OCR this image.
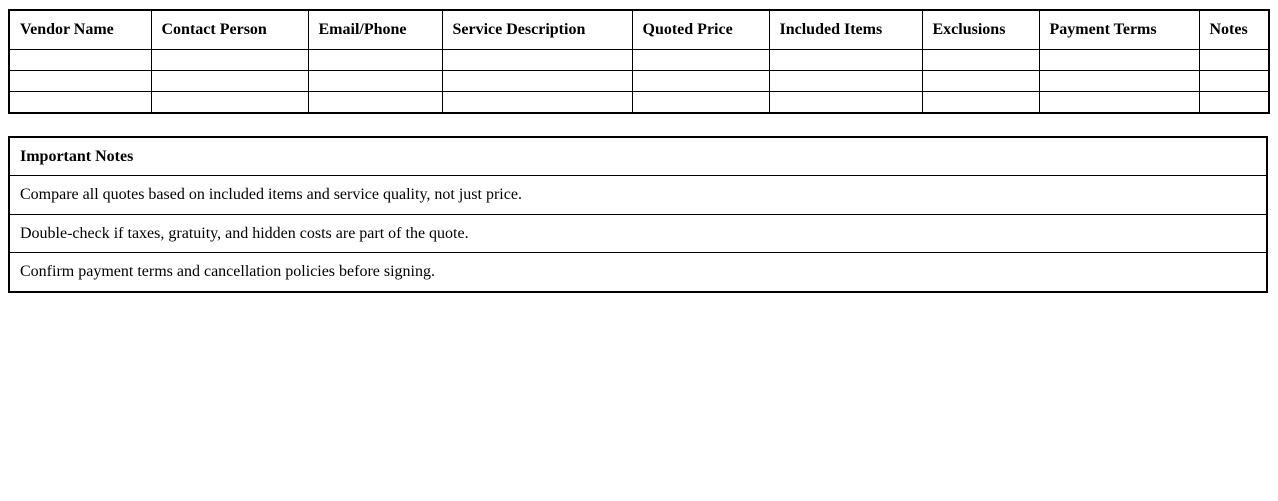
Vendor Name	Contact Person	Email/Phone	Service Description	Quoted Price	Included Items	Exclusions	Payment Terms	Notes

Important Notes
Compare all quotes based on included items and service quality, not just price.
Double-check if taxes, gratuity, and hidden costs are part of the quote.
Confirm payment terms and cancellation policies before signing.
